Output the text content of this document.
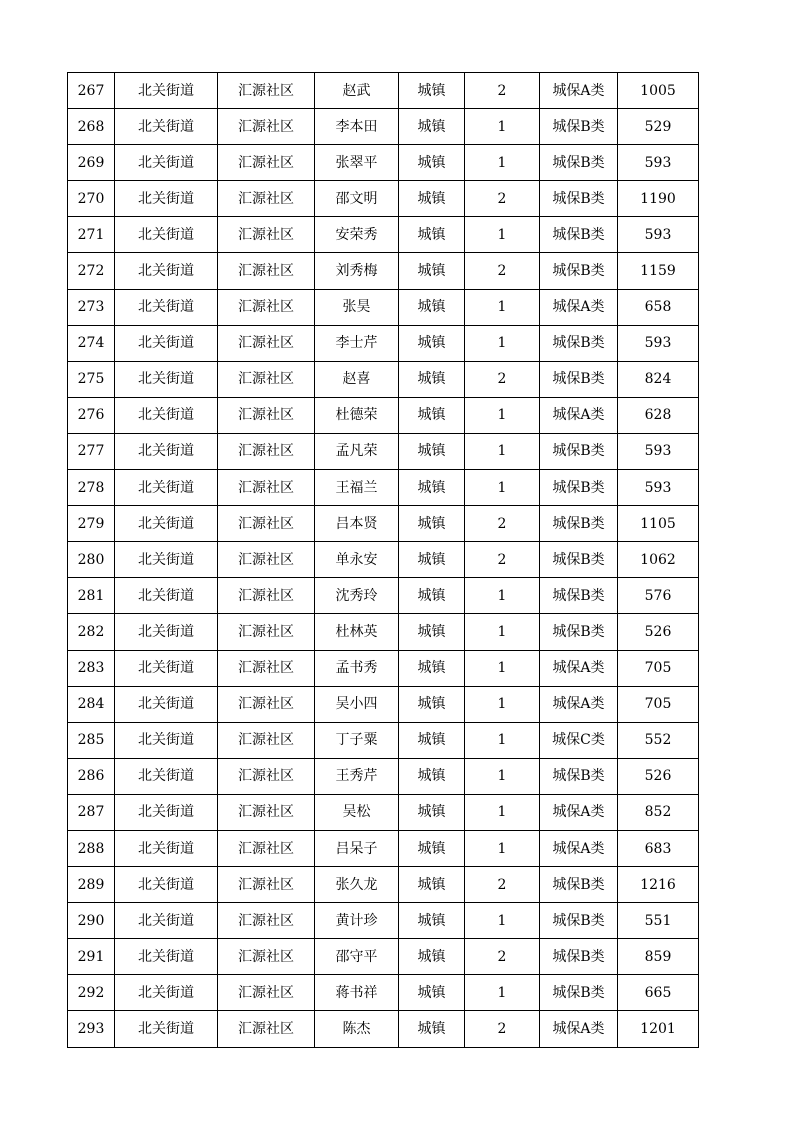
267	北关街道	汇源社区	赵武	城镇	2	城保A类	1005
268	北关街道	汇源社区	李本田	城镇	1	城保B类	529
269	北关街道	汇源社区	张翠平	城镇	1	城保B类	593
270	北关街道	汇源社区	邵文明	城镇	2	城保B类	1190
271	北关街道	汇源社区	安荣秀	城镇	1	城保B类	593
272	北关街道	汇源社区	刘秀梅	城镇	2	城保B类	1159
273	北关街道	汇源社区	张昊	城镇	1	城保A类	658
274	北关街道	汇源社区	李士芹	城镇	1	城保B类	593
275	北关街道	汇源社区	赵喜	城镇	2	城保B类	824
276	北关街道	汇源社区	杜德荣	城镇	1	城保A类	628
277	北关街道	汇源社区	孟凡荣	城镇	1	城保B类	593
278	北关街道	汇源社区	王福兰	城镇	1	城保B类	593
279	北关街道	汇源社区	吕本贤	城镇	2	城保B类	1105
280	北关街道	汇源社区	单永安	城镇	2	城保B类	1062
281	北关街道	汇源社区	沈秀玲	城镇	1	城保B类	576
282	北关街道	汇源社区	杜林英	城镇	1	城保B类	526
283	北关街道	汇源社区	孟书秀	城镇	1	城保A类	705
284	北关街道	汇源社区	吴小四	城镇	1	城保A类	705
285	北关街道	汇源社区	丁子粟	城镇	1	城保C类	552
286	北关街道	汇源社区	王秀芹	城镇	1	城保B类	526
287	北关街道	汇源社区	吴松	城镇	1	城保A类	852
288	北关街道	汇源社区	吕呆子	城镇	1	城保A类	683
289	北关街道	汇源社区	张久龙	城镇	2	城保B类	1216
290	北关街道	汇源社区	黄计珍	城镇	1	城保B类	551
291	北关街道	汇源社区	邵守平	城镇	2	城保B类	859
292	北关街道	汇源社区	蒋书祥	城镇	1	城保B类	665
293	北关街道	汇源社区	陈杰	城镇	2	城保A类	1201
